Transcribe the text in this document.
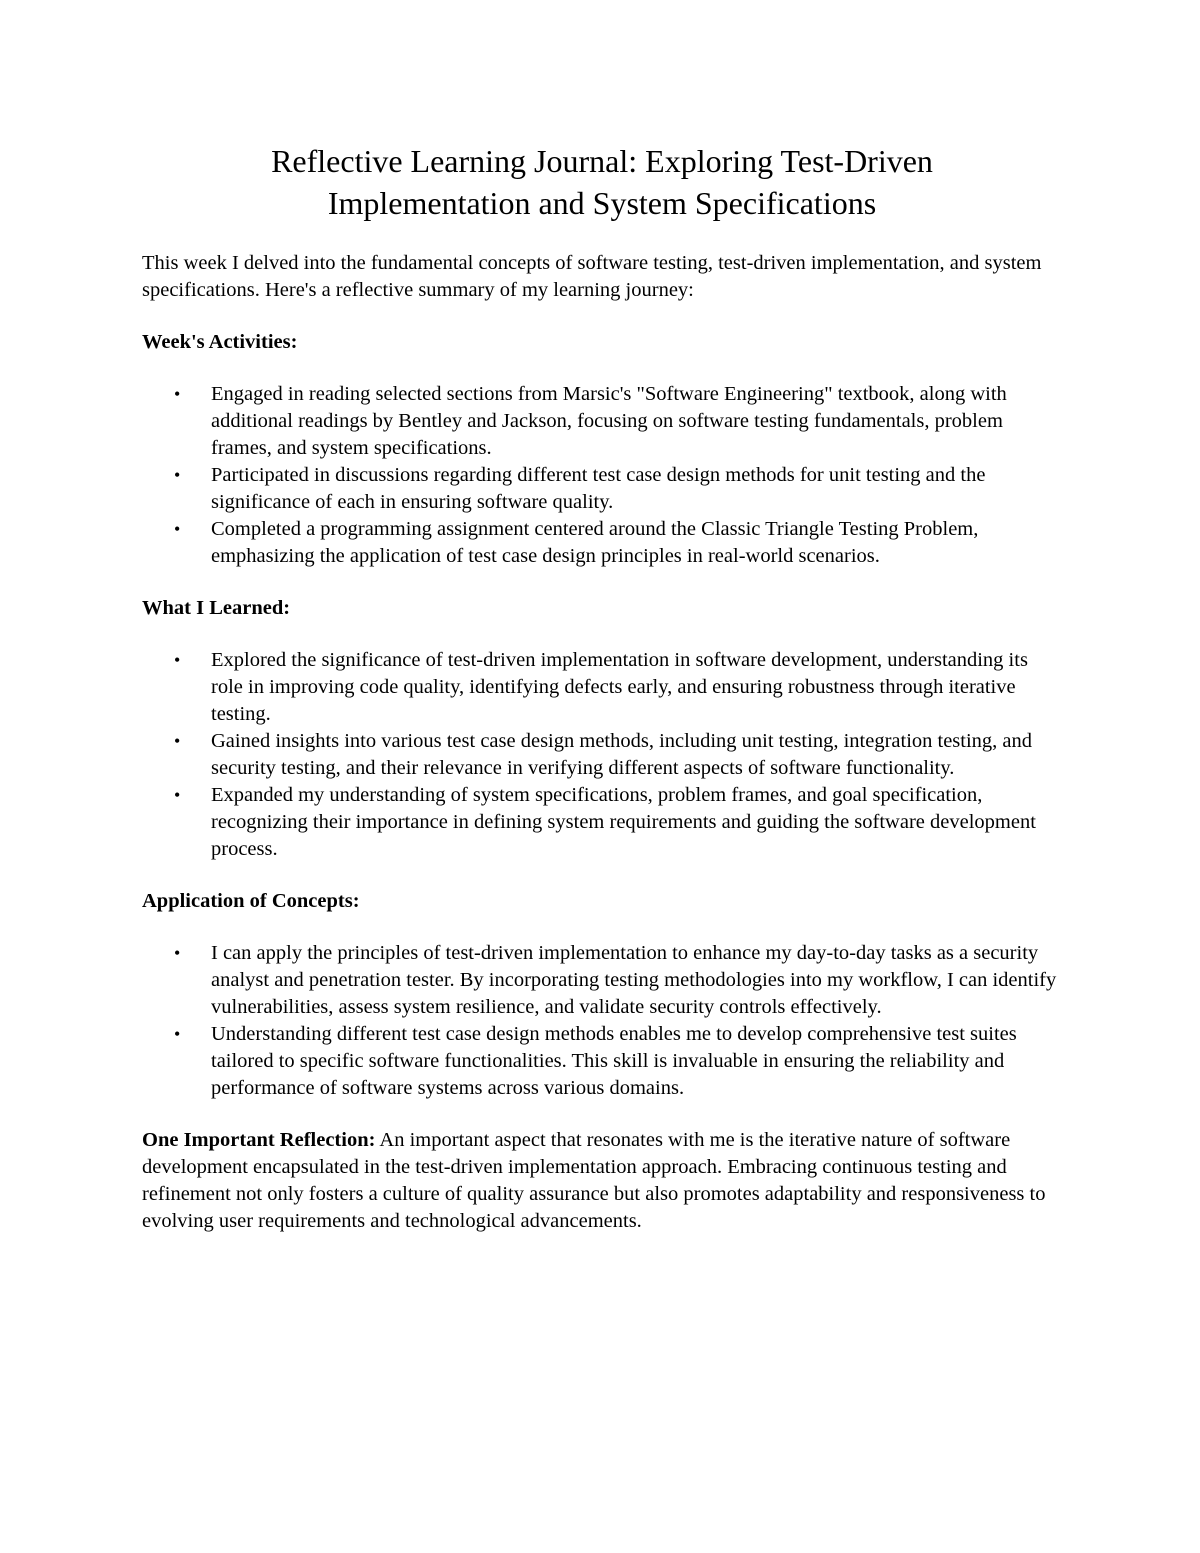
Reflective Learning Journal: Exploring Test-Driven
Implementation and System Specifications

This week I delved into the fundamental concepts of software testing, test-driven implementation, and system specifications. Here's a reflective summary of my learning journey:

Week's Activities:
• Engaged in reading selected sections from Marsic's "Software Engineering" textbook, along with additional readings by Bentley and Jackson, focusing on software testing fundamentals, problem frames, and system specifications.
• Participated in discussions regarding different test case design methods for unit testing and the significance of each in ensuring software quality.
• Completed a programming assignment centered around the Classic Triangle Testing Problem, emphasizing the application of test case design principles in real-world scenarios.
What I Learned:
• Explored the significance of test-driven implementation in software development, understanding its role in improving code quality, identifying defects early, and ensuring robustness through iterative testing.
• Gained insights into various test case design methods, including unit testing, integration testing, and security testing, and their relevance in verifying different aspects of software functionality.
• Expanded my understanding of system specifications, problem frames, and goal specification, recognizing their importance in defining system requirements and guiding the software development process.
Application of Concepts:
• I can apply the principles of test-driven implementation to enhance my day-to-day tasks as a security analyst and penetration tester. By incorporating testing methodologies into my workflow, I can identify vulnerabilities, assess system resilience, and validate security controls effectively.
• Understanding different test case design methods enables me to develop comprehensive test suites tailored to specific software functionalities. This skill is invaluable in ensuring the reliability and performance of software systems across various domains.

One Important Reflection: An important aspect that resonates with me is the iterative nature of software development encapsulated in the test-driven implementation approach. Embracing continuous testing and refinement not only fosters a culture of quality assurance but also promotes adaptability and responsiveness to evolving user requirements and technological advancements.
